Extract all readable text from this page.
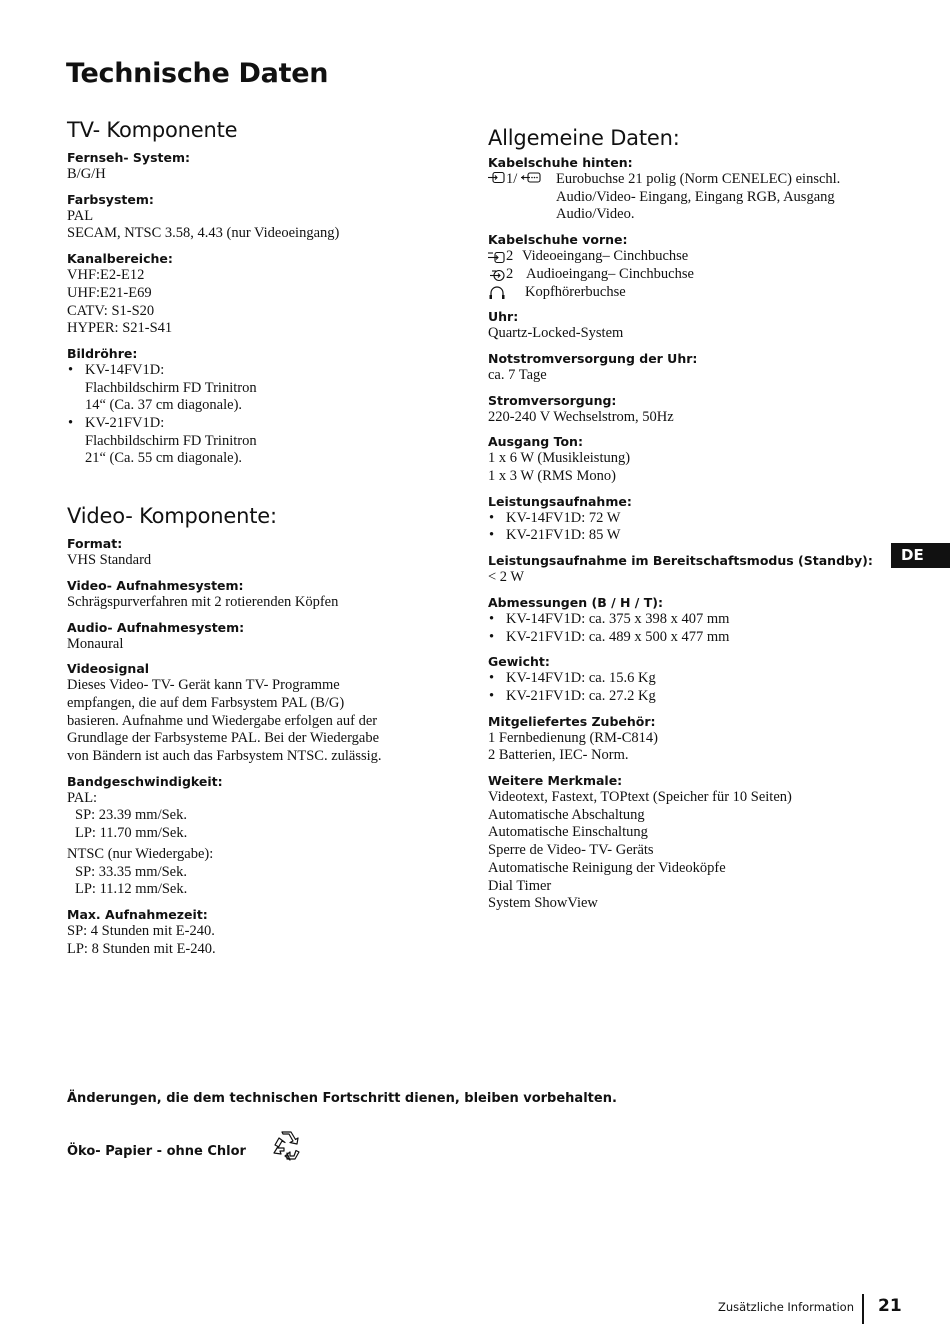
Technische Daten
TV- Komponente
Fernseh- System:
B/G/H
Farbsystem:
PAL
SECAM, NTSC 3.58, 4.43 (nur Videoeingang)
Kanalbereiche:
VHF:E2-E12
UHF:E21-E69
CATV: S1-S20
HYPER: S21-S41
Bildröhre:
• KV-14FV1D:
Flachbildschirm FD Trinitron
14“ (Ca. 37 cm diagonale).
• KV-21FV1D:
Flachbildschirm FD Trinitron
21“ (Ca. 55 cm diagonale).
Video- Komponente:
Format:
VHS Standard
Video- Aufnahmesystem:
Schrägspurverfahren mit 2 rotierenden Köpfen
Audio- Aufnahmesystem:
Monaural
Videosignal
Dieses Video- TV- Gerät kann TV- Programme
empfangen, die auf dem Farbsystem PAL (B/G)
basieren. Aufnahme und Wiedergabe erfolgen auf der
Grundlage der Farbsysteme PAL. Bei der Wiedergabe
von Bändern ist auch das Farbsystem NTSC. zulässig.
Bandgeschwindigkeit:
PAL:
SP: 23.39 mm/Sek.
LP: 11.70 mm/Sek.
NTSC (nur Wiedergabe):
SP: 33.35 mm/Sek.
LP: 11.12 mm/Sek.
Max. Aufnahmezeit:
SP: 4 Stunden mit E-240.
LP: 8 Stunden mit E-240.
Allgemeine Daten:
Kabelschuhe hinten:
1/	Eurobuchse 21 polig (Norm CENELEC) einschl.
Audio/Video- Eingang, Eingang RGB, Ausgang
Audio/Video.
Kabelschuhe vorne:
2 Videoeingang– Cinchbuchse
2 Audioeingang– Cinchbuchse
Kopfhörerbuchse
Uhr:
Quartz-Locked-System
Notstromversorgung der Uhr:
ca. 7 Tage
Stromversorgung:
220-240 V Wechselstrom, 50Hz
Ausgang Ton:
1 x 6 W (Musikleistung)
1 x 3 W (RMS Mono)
Leistungsaufnahme:
• KV-14FV1D: 72 W
• KV-21FV1D: 85 W
Leistungsaufnahme im Bereitschaftsmodus (Standby):
< 2 W
Abmessungen (B / H / T):
• KV-14FV1D: ca. 375 x 398 x 407 mm
• KV-21FV1D: ca. 489 x 500 x 477 mm
Gewicht:
• KV-14FV1D: ca. 15.6 Kg
• KV-21FV1D: ca. 27.2 Kg
Mitgeliefertes Zubehör:
1 Fernbedienung (RM-C814)
2 Batterien, IEC- Norm.
Weitere Merkmale:
Videotext, Fastext, TOPtext (Speicher für 10 Seiten)
Automatische Abschaltung
Automatische Einschaltung
Sperre de Video- TV- Geräts
Automatische Reinigung der Videoköpfe
Dial Timer
System ShowView
DE
Änderungen, die dem technischen Fortschritt dienen, bleiben vorbehalten.
Öko- Papier - ohne Chlor
Zusätzliche Information 21
